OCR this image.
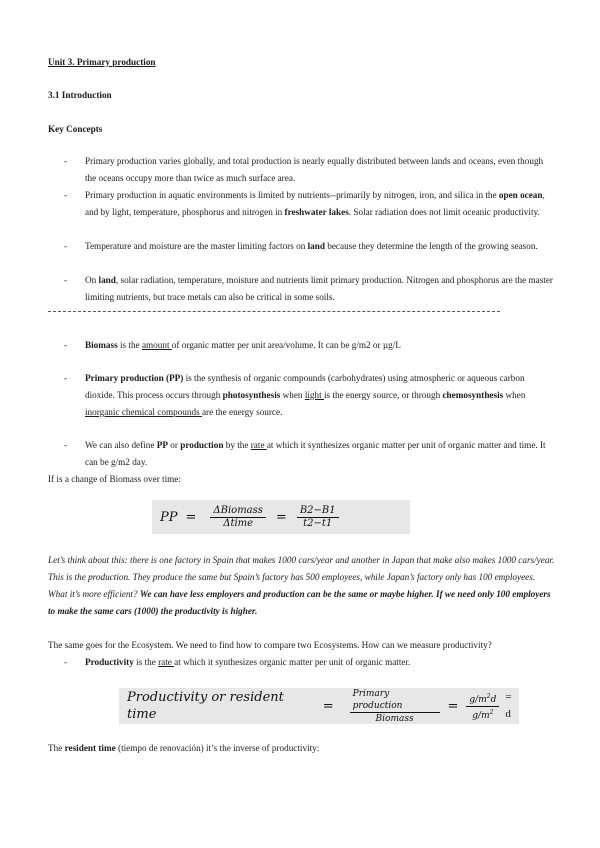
Unit 3. Primary production
3.1 Introduction
Key Concepts
- Primary production varies globally, and total production is nearly equally distributed between lands and oceans, even though the oceans occupy more than twice as much surface area.
- Primary production in aquatic environments is limited by nutrients--primarily by nitrogen, iron, and silica in the open ocean, and by light, temperature, phosphorus and nitrogen in freshwater lakes. Solar radiation does not limit oceanic productivity.
- Temperature and moisture are the master limiting factors on land because they determine the length of the growing season.
- On land, solar radiation, temperature, moisture and nutrients limit primary production. Nitrogen and phosphorus are the master limiting nutrients, but trace metals can also be critical in some soils.
- Biomass is the amount of organic matter per unit area/volume. It can be g/m2 or µg/L
- Primary production (PP) is the synthesis of organic compounds (carbohydrates) using atmospheric or aqueous carbon dioxide. This process occurs through photosynthesis when light is the energy source, or through chemosynthesis when inorganic chemical compounds are the energy source.
- We can also define PP or production by the rate at which it synthesizes organic matter per unit of organic matter and time. It can be g/m2 day.
If is a change of Biomass over time:
PP = $\frac{\text{ΔBiomass}}{\text{Δtime}} = \frac{B2-B1}{t2-t1}$
Let’s think about this: there is one factory in Spain that makes 1000 cars/year and another in Japan that make also makes 1000 cars/year. This is the production. They produce the same but Spain’s factory has 500 employees, while Japan’s factory only has 100 employees. What it’s more efficient? We can have less employers and production can be the same or maybe higher. If we need only 100 employers to make the same cars (1000) the productivity is higher.
The same goes for the Ecosystem. We need to find how to compare two Ecosystems. How can we measure productivity?
- Productivity is the rate at which it synthesizes organic matter per unit of organic matter.
Productivity or resident time
= $\frac{\text{Primary production}}{\text{Biomass}} = \frac{g/m^2d}{g/m^2} = d$
The resident time (tiempo de renovación) it’s the inverse of productivity:
